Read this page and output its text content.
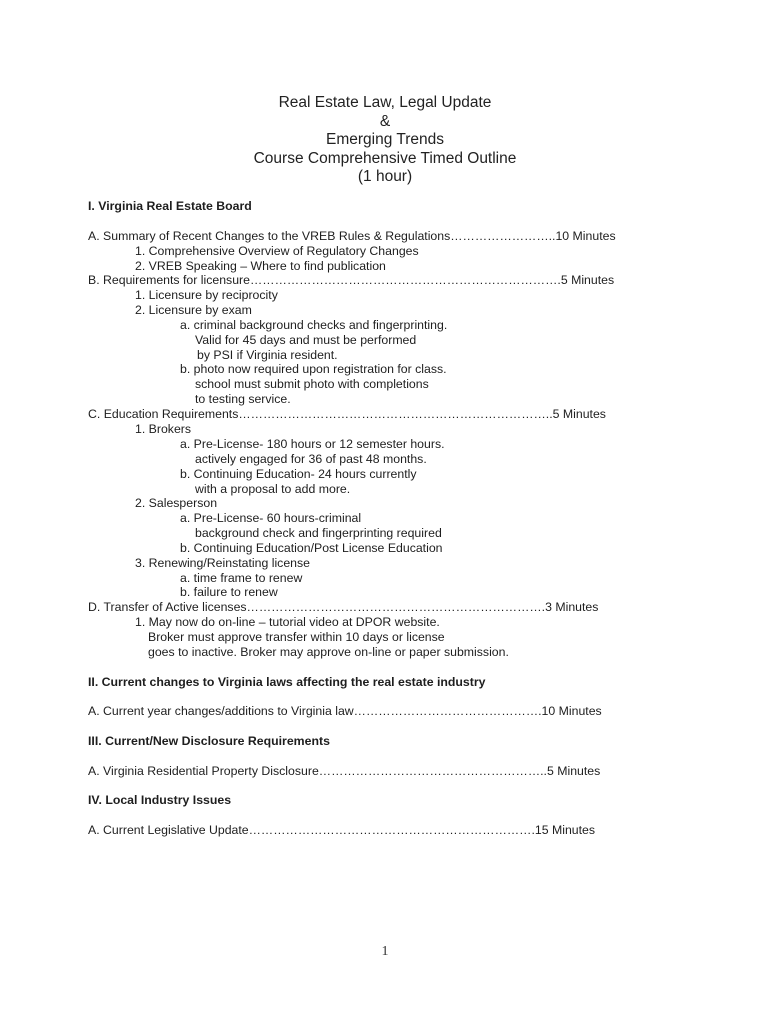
Real Estate Law, Legal Update
&
Emerging Trends
Course Comprehensive Timed Outline
(1 hour)
I. Virginia Real Estate Board
A. Summary of Recent Changes to the VREB Rules & Regulations……………………..10 Minutes
1. Comprehensive Overview of Regulatory Changes
2. VREB Speaking – Where to find publication
B. Requirements for licensure………………………………………………………………….5 Minutes
1. Licensure by reciprocity
2. Licensure by exam
a. criminal background checks and fingerprinting.
Valid for 45 days and must be performed
by PSI if Virginia resident.
b. photo now required upon registration for class.
school must submit photo with completions
to testing service.
C. Education Requirements…………………………………………………………………..5 Minutes
1. Brokers
a. Pre-License- 180 hours or 12 semester hours.
actively engaged for 36 of past 48 months.
b. Continuing Education- 24 hours currently
with a proposal to add more.
2. Salesperson
a. Pre-License- 60 hours-criminal
background check and fingerprinting required
b. Continuing Education/Post License Education
3. Renewing/Reinstating license
a. time frame to renew
b. failure to renew
D. Transfer of Active licenses……………………………………………………………….3 Minutes
1. May now do on-line – tutorial video at DPOR website.
Broker must approve transfer within 10 days or license
goes to inactive. Broker may approve on-line or paper submission.
II. Current changes to Virginia laws affecting the real estate industry
A. Current year changes/additions to Virginia law……………………………………….10 Minutes
III. Current/New Disclosure Requirements
A. Virginia Residential Property Disclosure………………………………………………..5 Minutes
IV. Local Industry Issues
A. Current Legislative Update…………………………………………………………….15 Minutes
1
